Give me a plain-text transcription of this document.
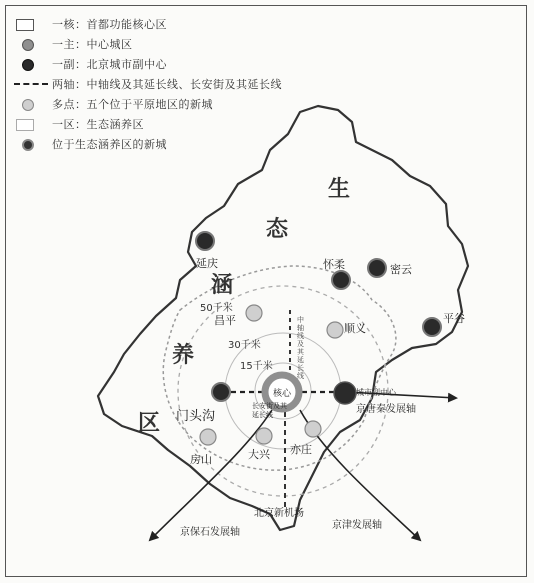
一核：首都功能核心区
一主：中心城区
一副：北京城市副中心
两轴：中轴线及其延长线、长安街及其延长线
多点：五个位于平原地区的新城
一区：生态涵养区
位于生态涵养区的新城
生
态
涵
养
区
延庆	怀柔	密云
平谷
昌平
顺义
门头沟
房山	大兴 亦庄
核心	城市副中心
50千米
30千米
15千米
中轴线及其延长线
长安街及其延长线	京唐秦发展轴
京保石发展轴
京津发展轴
北京新机场
